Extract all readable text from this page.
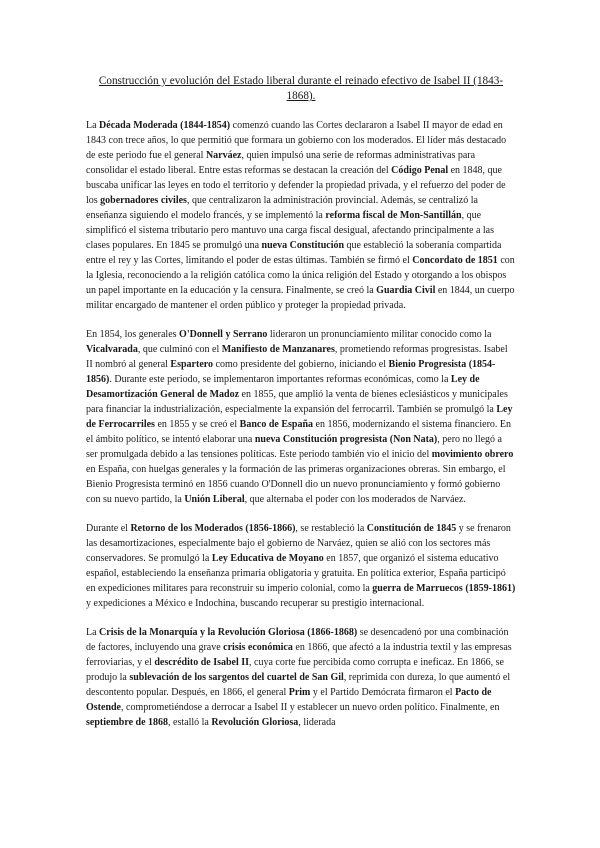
Construcción y evolución del Estado liberal durante el reinado efectivo de Isabel II (1843-1868).

La Década Moderada (1844-1854) comenzó cuando las Cortes declararon a Isabel II mayor de edad en 1843 con trece años, lo que permitió que formara un gobierno con los moderados. El líder más destacado de este periodo fue el general Narváez, quien impulsó una serie de reformas administrativas para consolidar el estado liberal. Entre estas reformas se destacan la creación del Código Penal en 1848, que buscaba unificar las leyes en todo el territorio y defender la propiedad privada, y el refuerzo del poder de los gobernadores civiles, que centralizaron la administración provincial. Además, se centralizó la enseñanza siguiendo el modelo francés, y se implementó la reforma fiscal de Mon-Santillán, que simplificó el sistema tributario pero mantuvo una carga fiscal desigual, afectando principalmente a las clases populares. En 1845 se promulgó una nueva Constitución que estableció la soberanía compartida entre el rey y las Cortes, limitando el poder de estas últimas. También se firmó el Concordato de 1851 con la Iglesia, reconociendo a la religión católica como la única religión del Estado y otorgando a los obispos un papel importante en la educación y la censura. Finalmente, se creó la Guardia Civil en 1844, un cuerpo militar encargado de mantener el orden público y proteger la propiedad privada.

En 1854, los generales O'Donnell y Serrano lideraron un pronunciamiento militar conocido como la Vicalvarada, que culminó con el Manifiesto de Manzanares, prometiendo reformas progresistas. Isabel II nombró al general Espartero como presidente del gobierno, iniciando el Bienio Progresista (1854-1856). Durante este periodo, se implementaron importantes reformas económicas, como la Ley de Desamortización General de Madoz en 1855, que amplió la venta de bienes eclesiásticos y municipales para financiar la industrialización, especialmente la expansión del ferrocarril. También se promulgó la Ley de Ferrocarriles en 1855 y se creó el Banco de España en 1856, modernizando el sistema financiero. En el ámbito político, se intentó elaborar una nueva Constitución progresista (Non Nata), pero no llegó a ser promulgada debido a las tensiones políticas. Este periodo también vio el inicio del movimiento obrero en España, con huelgas generales y la formación de las primeras organizaciones obreras. Sin embargo, el Bienio Progresista terminó en 1856 cuando O'Donnell dio un nuevo pronunciamiento y formó gobierno con su nuevo partido, la Unión Liberal, que alternaba el poder con los moderados de Narváez.

Durante el Retorno de los Moderados (1856-1866), se restableció la Constitución de 1845 y se frenaron las desamortizaciones, especialmente bajo el gobierno de Narváez, quien se alió con los sectores más conservadores. Se promulgó la Ley Educativa de Moyano en 1857, que organizó el sistema educativo español, estableciendo la enseñanza primaria obligatoria y gratuita. En política exterior, España participó en expediciones militares para reconstruir su imperio colonial, como la guerra de Marruecos (1859-1861) y expediciones a México e Indochina, buscando recuperar su prestigio internacional.

La Crisis de la Monarquía y la Revolución Gloriosa (1866-1868) se desencadenó por una combinación de factores, incluyendo una grave crisis económica en 1866, que afectó a la industria textil y las empresas ferroviarias, y el descrédito de Isabel II, cuya corte fue percibida como corrupta e ineficaz. En 1866, se produjo la sublevación de los sargentos del cuartel de San Gil, reprimida con dureza, lo que aumentó el descontento popular. Después, en 1866, el general Prim y el Partido Demócrata firmaron el Pacto de Ostende, comprometiéndose a derrocar a Isabel II y establecer un nuevo orden político. Finalmente, en septiembre de 1868, estalló la Revolución Gloriosa, liderada
